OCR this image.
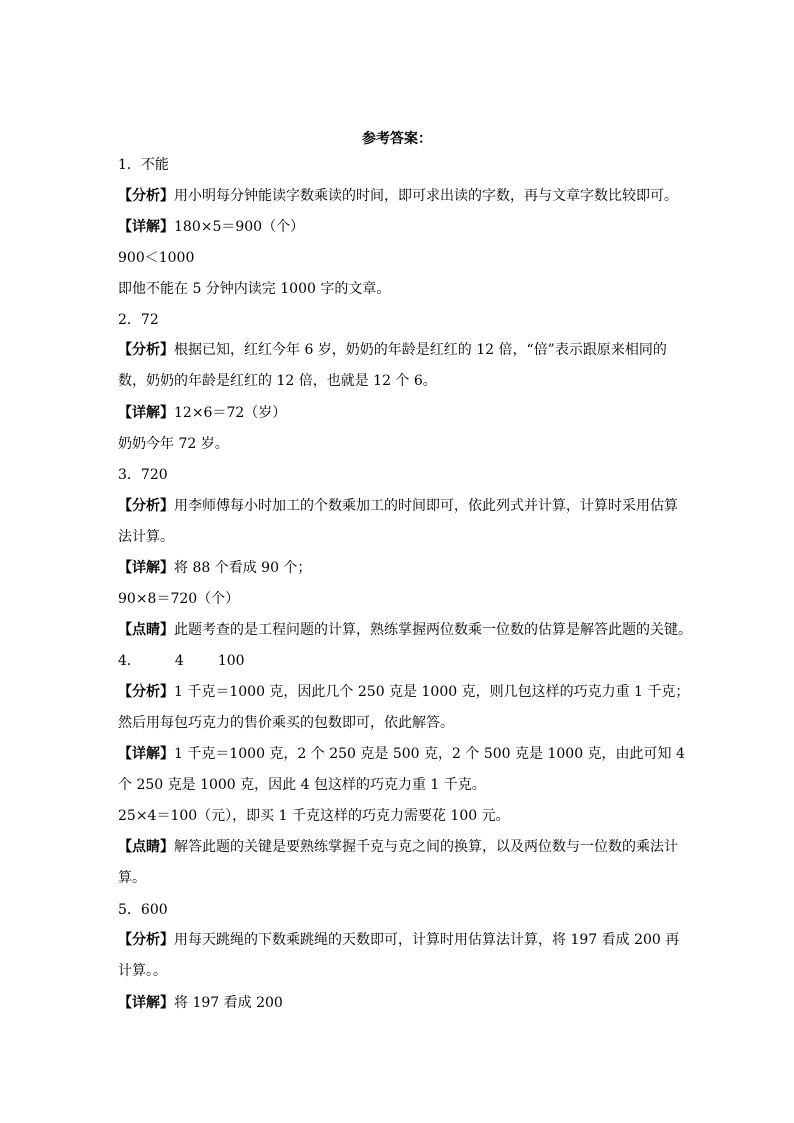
参考答案：
1．不能
【分析】用小明每分钟能读字数乘读的时间，即可求出读的字数，再与文章字数比较即可。
【详解】180×5＝900（个）
900＜1000
即他不能在 5 分钟内读完 1000 字的文章。
2．72
【分析】根据已知，红红今年 6 岁，奶奶的年龄是红红的 12 倍，“倍”表示跟原来相同的数，奶奶的年龄是红红的 12 倍，也就是 12 个 6。
【详解】12×6＝72（岁）
奶奶今年 72 岁。
3．720
【分析】用李师傅每小时加工的个数乘加工的时间即可，依此列式并计算，计算时采用估算法计算。
【详解】将 88 个看成 90 个；
90×8＝720（个）
【点睛】此题考查的是工程问题的计算，熟练掌握两位数乘一位数的估算是解答此题的关键。
4． 4 100
【分析】1 千克＝1000 克，因此几个 250 克是 1000 克，则几包这样的巧克力重 1 千克；
然后用每包巧克力的售价乘买的包数即可，依此解答。
【详解】1 千克＝1000 克，2 个 250 克是 500 克，2 个 500 克是 1000 克，由此可知 4 个 250 克是 1000 克，因此 4 包这样的巧克力重 1 千克。
25×4＝100（元），即买 1 千克这样的巧克力需要花 100 元。
【点睛】解答此题的关键是要熟练掌握千克与克之间的换算，以及两位数与一位数的乘法计算。
5．600
【分析】用每天跳绳的下数乘跳绳的天数即可，计算时用估算法计算，将 197 看成 200 再计算。。
【详解】将 197 看成 200
